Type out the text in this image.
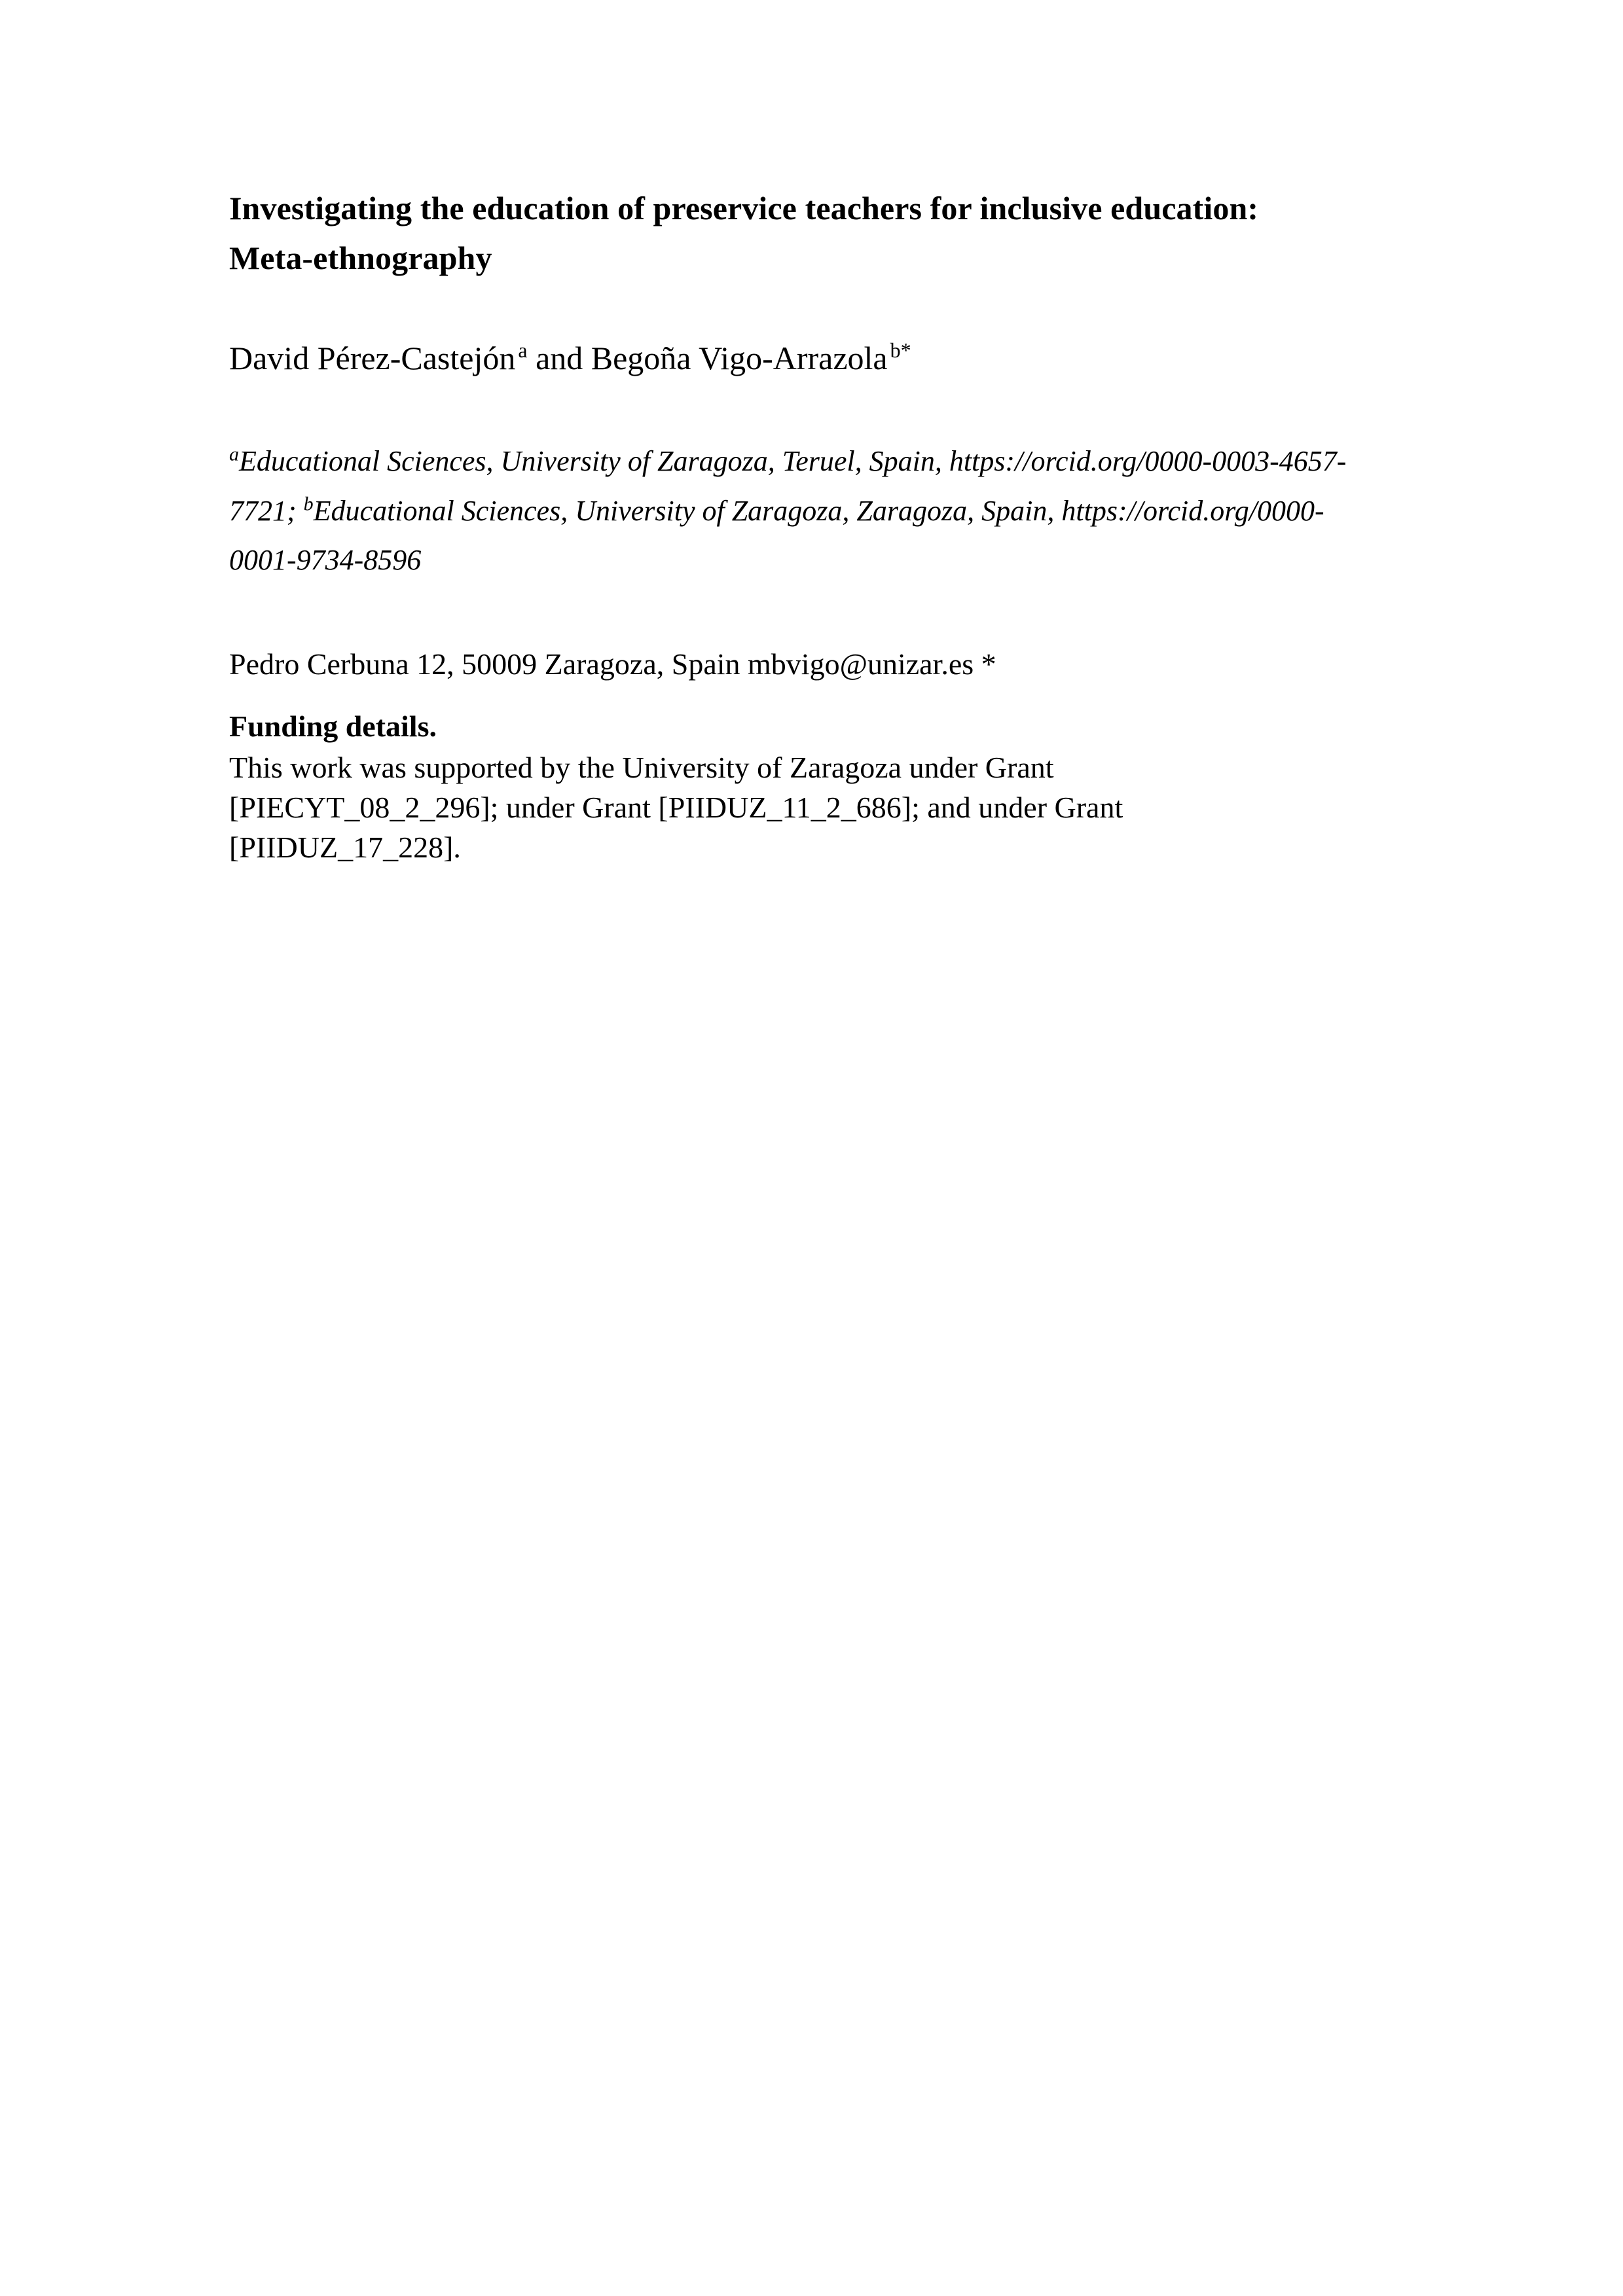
Investigating the education of preservice teachers for inclusive education: Meta-ethnography

David Pérez-Castejón $^a$ and Begoña Vigo-Arrazola $^{b*}$

$^a$Educational Sciences, University of Zaragoza, Teruel, Spain, https://orcid.org/0000-0003-4657-7721; $^b$Educational Sciences, University of Zaragoza, Zaragoza, Spain, https://orcid.org/0000-0001-9734-8596

Pedro Cerbuna 12, 50009 Zaragoza, Spain mbvigo@unizar.es *

Funding details.

This work was supported by the University of Zaragoza under Grant [PIECYT_08_2_296]; under Grant [PIIDUZ_11_2_686]; and under Grant [PIIDUZ_17_228].
